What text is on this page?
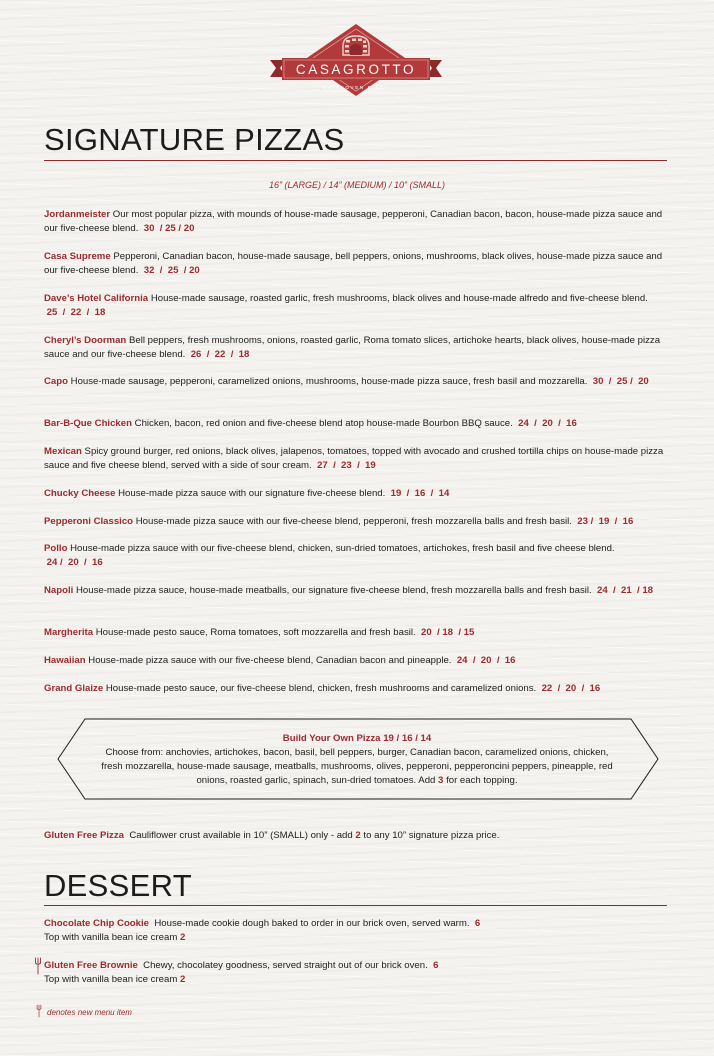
CASAGROTTO
BRICKOVEN PIZZA
SIGNATURE PIZZAS
16” (LARGE) / 14” (MEDIUM) / 10” (SMALL)
Jordanmeister Our most popular pizza, with mounds of house-made sausage, pepperoni, Canadian bacon, bacon, house-made pizza sauce and our five-cheese blend. 30  / 25 / 20
Casa Supreme Pepperoni, Canadian bacon, house-made sausage, bell peppers, onions, mushrooms, black olives, house-made pizza sauce and our five-cheese blend. 32  /  25  / 20
Dave’s Hotel California House-made sausage, roasted garlic, fresh mushrooms, black olives and house-made alfredo and five-cheese blend.  25  /  22  /  18
Cheryl’s Doorman Bell peppers, fresh mushrooms, onions, roasted garlic, Roma tomato slices, artichoke hearts, black olives, house-made pizza sauce and our five-cheese blend. 26  /  22  /  18
Capo House-made sausage, pepperoni, caramelized onions, mushrooms, house-made pizza sauce, fresh basil and mozzarella. 30  /  25 /  20
Bar-B-Que Chicken Chicken, bacon, red onion and five-cheese blend atop house-made Bourbon BBQ sauce. 24  /  20  /  16
Mexican Spicy ground burger, red onions, black olives, jalapenos, tomatoes, topped with avocado and crushed tortilla chips on house-made pizza sauce and five cheese blend, served with a side of sour cream. 27  /  23  /  19
Chucky Cheese House-made pizza sauce with our signature five-cheese blend. 19  /  16  /  14
Pepperoni Classico House-made pizza sauce with our five-cheese blend, pepperoni, fresh mozzarella balls and fresh basil. 23 /  19  /  16
Pollo House-made pizza sauce with our five-cheese blend, chicken, sun-dried tomatoes, artichokes, fresh basil and five cheese blend.  24 /  20  /  16
Napoli House-made pizza sauce, house-made meatballs, our signature five-cheese blend, fresh mozzarella balls and fresh basil. 24  /  21  / 18
Margherita House-made pesto sauce, Roma tomatoes, soft mozzarella and fresh basil. 20  / 18  / 15
Hawaiian House-made pizza sauce with our five-cheese blend, Canadian bacon and pineapple. 24  /  20  /  16
Grand Glaize House-made pesto sauce, our five-cheese blend, chicken, fresh mushrooms and caramelized onions. 22  /  20  /  16
Build Your Own Pizza 19 / 16 / 14
Choose from: anchovies, artichokes, bacon, basil, bell peppers, burger, Canadian bacon, caramelized onions, chicken, fresh mozzarella, house-made sausage, meatballs, mushrooms, olives, pepperoni, pepperoncini peppers, pineapple, red onions, roasted garlic, spinach, sun-dried tomatoes. Add 3 for each topping.
Gluten Free Pizza Cauliflower crust available in 10” (SMALL) only - add 2 to any 10” signature pizza price.
DESSERT
Chocolate Chip Cookie House-made cookie dough baked to order in our brick oven, served warm. 6
Top with vanilla bean ice cream 2
Gluten Free Brownie Chewy, chocolatey goodness, served straight out of our brick oven. 6
Top with vanilla bean ice cream 2
denotes new menu item
